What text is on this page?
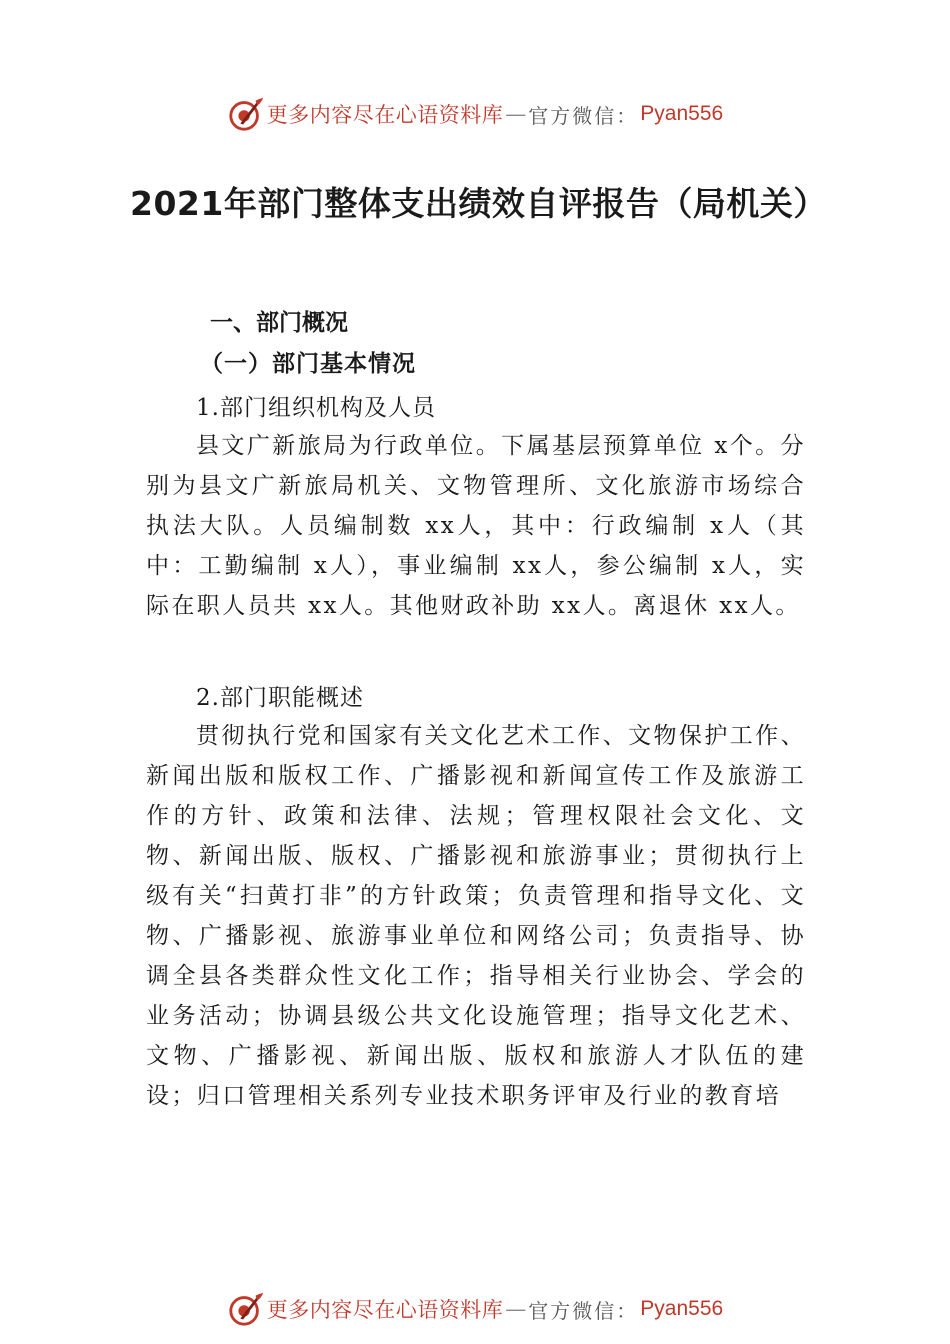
更多内容尽在心语资料库 — 官方微信： Pyan556
2021年部门整体支出绩效自评报告（局机关）
一、部门概况
（一）部门基本情况
1.部门组织机构及人员

县文广新旅局为行政单位。下属基层预算单位 x个。分别为县文广新旅局机关、文物管理所、文化旅游市场综合执法大队。人员编制数 xx人，其中：行政编制 x人（其中：工勤编制 x人），事业编制 xx人，参公编制 x人，实际在职人员共 xx人。其他财政补助 xx人。离退休 xx人。

2.部门职能概述

贯彻执行党和国家有关文化艺术工作、文物保护工作、新闻出版和版权工作、广播影视和新闻宣传工作及旅游工作的方针、政策和法律、法规；管理权限社会文化、文物、新闻出版、版权、广播影视和旅游事业；贯彻执行上级有关“扫黄打非”的方针政策；负责管理和指导文化、文物、广播影视、旅游事业单位和网络公司；负责指导、协调全县各类群众性文化工作；指导相关行业协会、学会的业务活动；协调县级公共文化设施管理；指导文化艺术、文物、广播影视、新闻出版、版权和旅游人才队伍的建设；归口管理相关系列专业技术职务评审及行业的教育培

更多内容尽在心语资料库 — 官方微信： Pyan556
